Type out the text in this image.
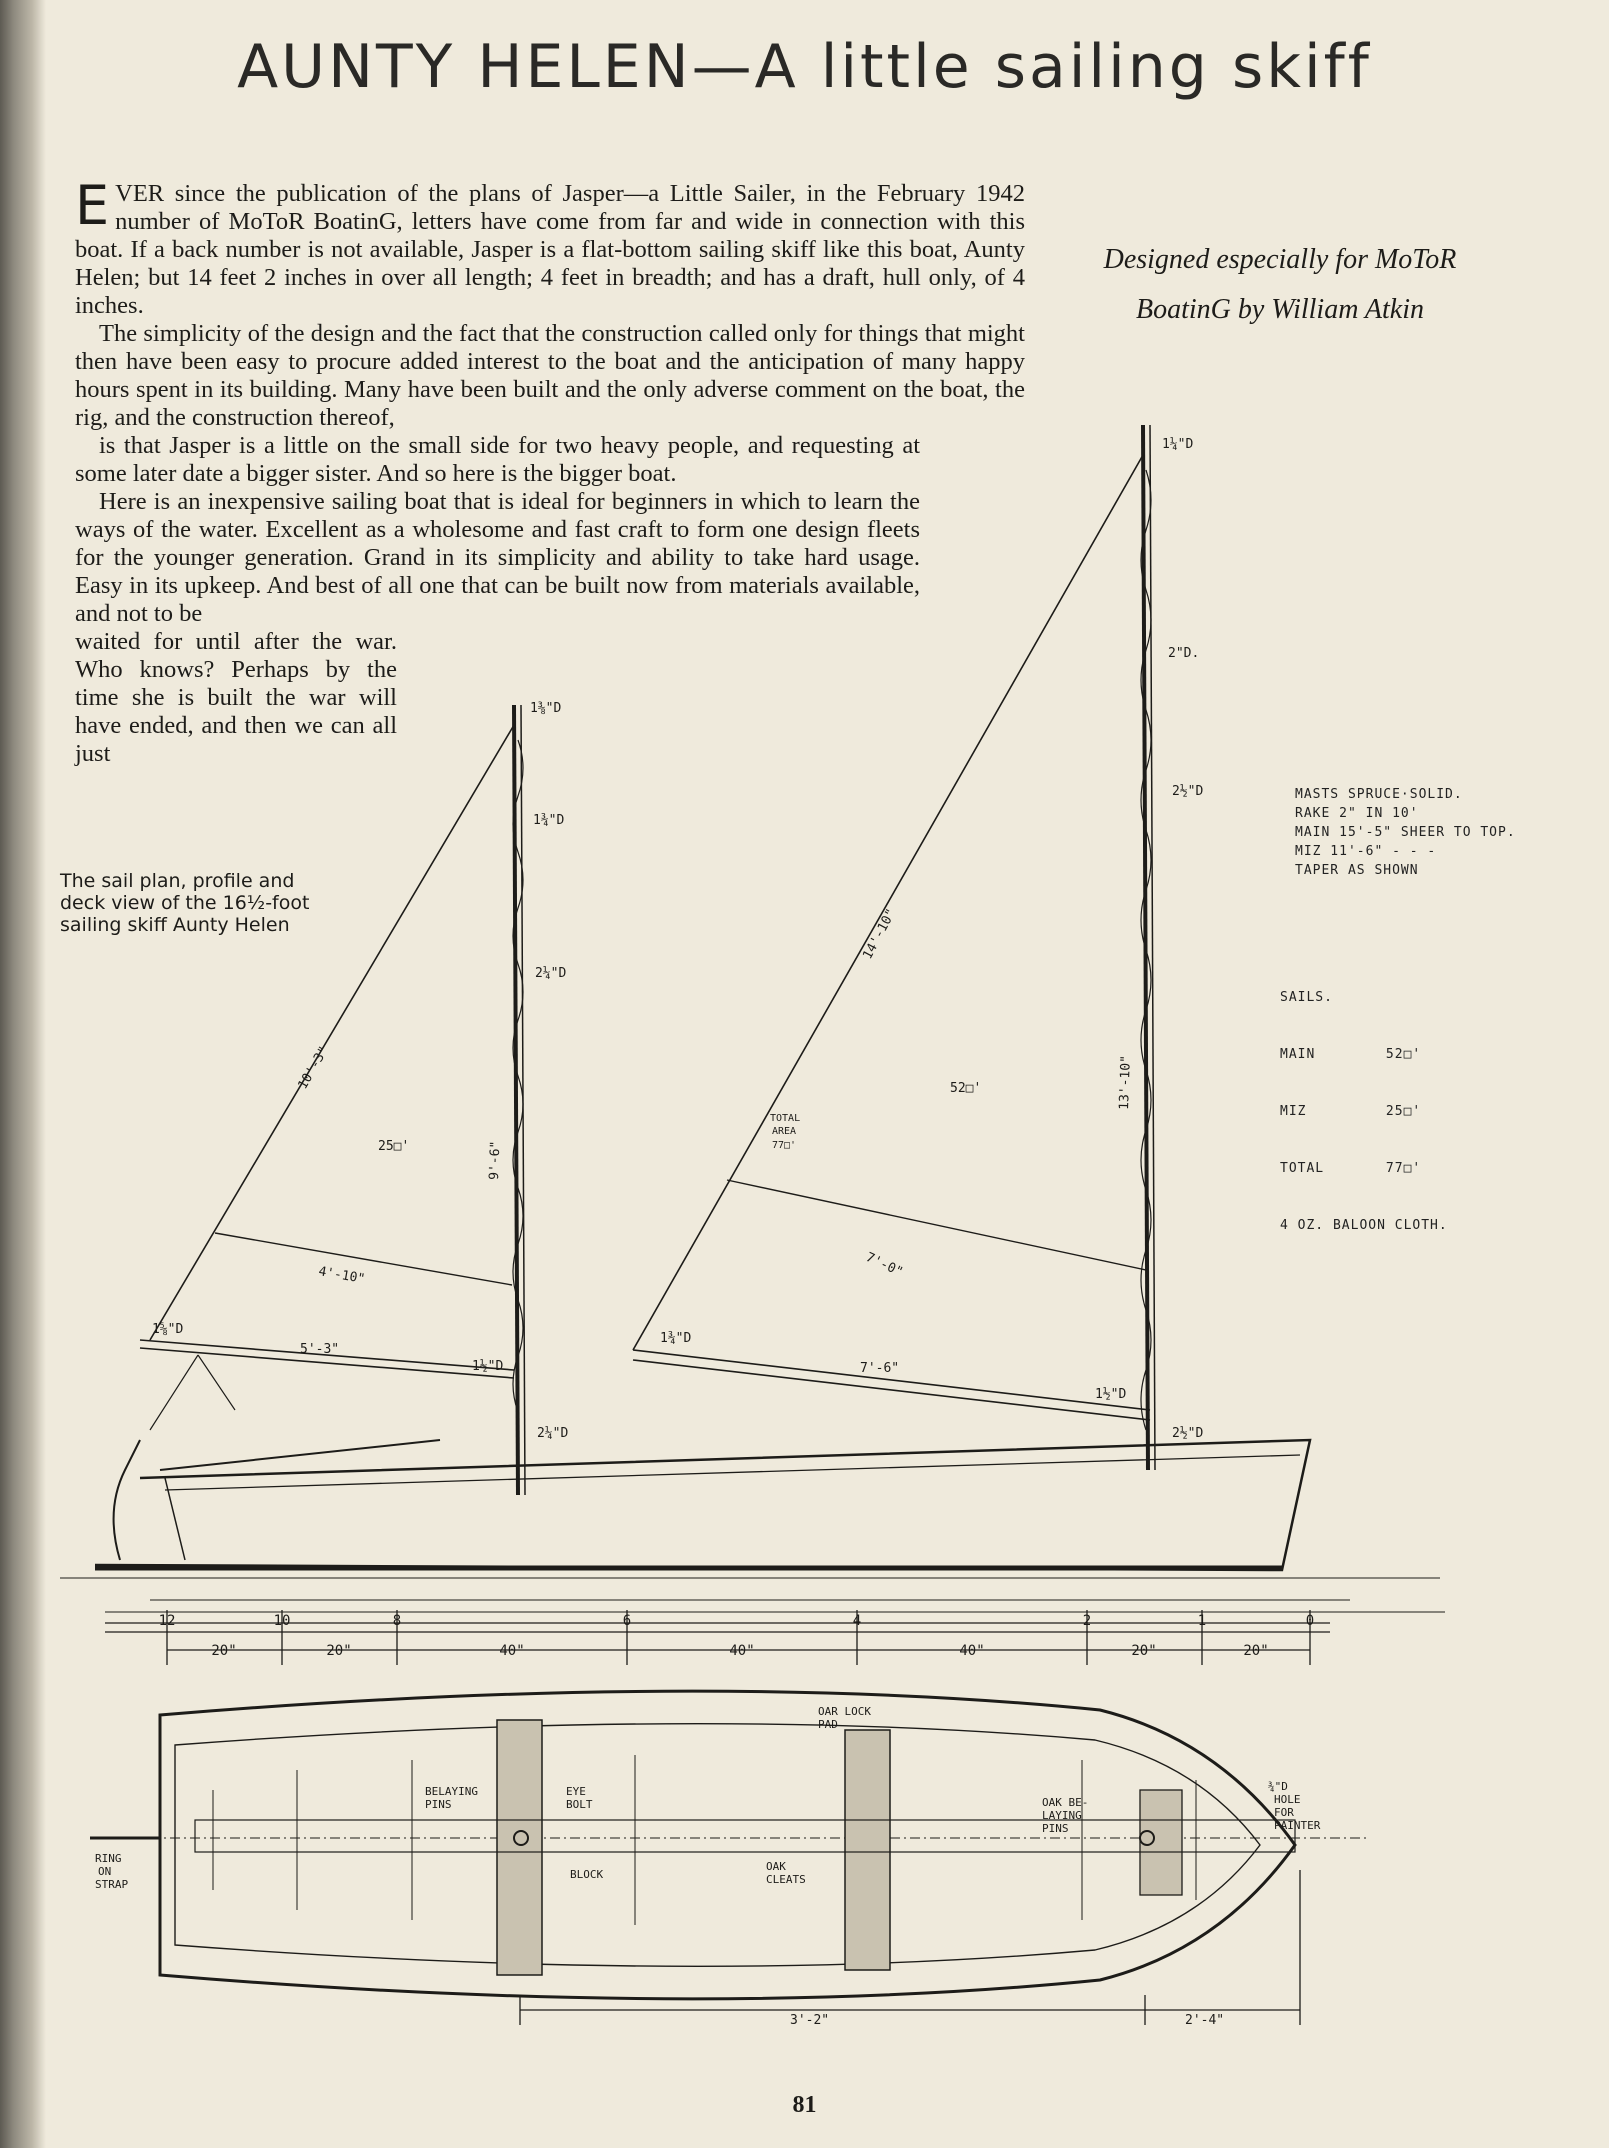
AUNTY HELEN—A little sailing skiff
Designed especially for MoToR
BoatinG by William Atkin

EVER since the publication of the plans of Jasper—a Little Sailer, in the February 1942 number of MoToR BoatinG, letters have come from far and wide in connection with this boat. If a back number is not available, Jasper is a flat-bottom sailing skiff like this boat, Aunty Helen; but 14 feet 2 inches in over all length; 4 feet in breadth; and has a draft, hull only, of 4 inches.

The simplicity of the design and the fact that the construction called only for things that might then have been easy to procure added interest to the boat and the anticipation of many happy hours spent in its building. Many have been built and the only adverse comment on the boat, the rig, and the construction thereof,

is that Jasper is a little on the small side for two heavy people, and requesting at some later date a bigger sister. And so here is the bigger boat.

Here is an inexpensive sailing boat that is ideal for beginners in which to learn the ways of the water. Excellent as a wholesome and fast craft to form one design fleets for the younger generation. Grand in its simplicity and ability to take hard usage. Easy in its upkeep. And best of all one that can be built now from materials available, and not to be

waited for until after the war. Who knows? Perhaps by the time she is built the war will have ended, and then we can all just

The sail plan, profile and
deck view of the 16½-foot
sailing skiff Aunty Helen
MASTS SPRUCE·SOLID.
RAKE 2" IN 10'
MAIN 15'-5" SHEER TO TOP.
MIZ 11'-6" - - -
TAPER AS SHOWN

SAILS.

MAIN        52□'

MIZ         25□'

TOTAL       77□'

4 OZ. BALOON CLOTH.

1¼"D
2"D.
2½"D
2½"D
13'-10"
1⅜"D
1¾"D
2¼"D
2¼"D
9'-6"
14'-10"
52□'
7'-6"
1¾"D
1½"D
7'-0"
10'-3"
25□'
5'-3"
4'-10"
1⅝"D
1½"D
TOTAL
AREA
77□'
12	10	8	6	4	2	1	0
20"	20"	40"	40"	40"	20"	20"
OAR LOCK
PAD
BELAYING
PINS
EYE
BOLT
BLOCK
OAK
CLEATS
OAK BE-
LAYING
PINS
¾"D
HOLE
FOR
PAINTER
RING
ON
STRAP
3'-2"	2'-4"
81
